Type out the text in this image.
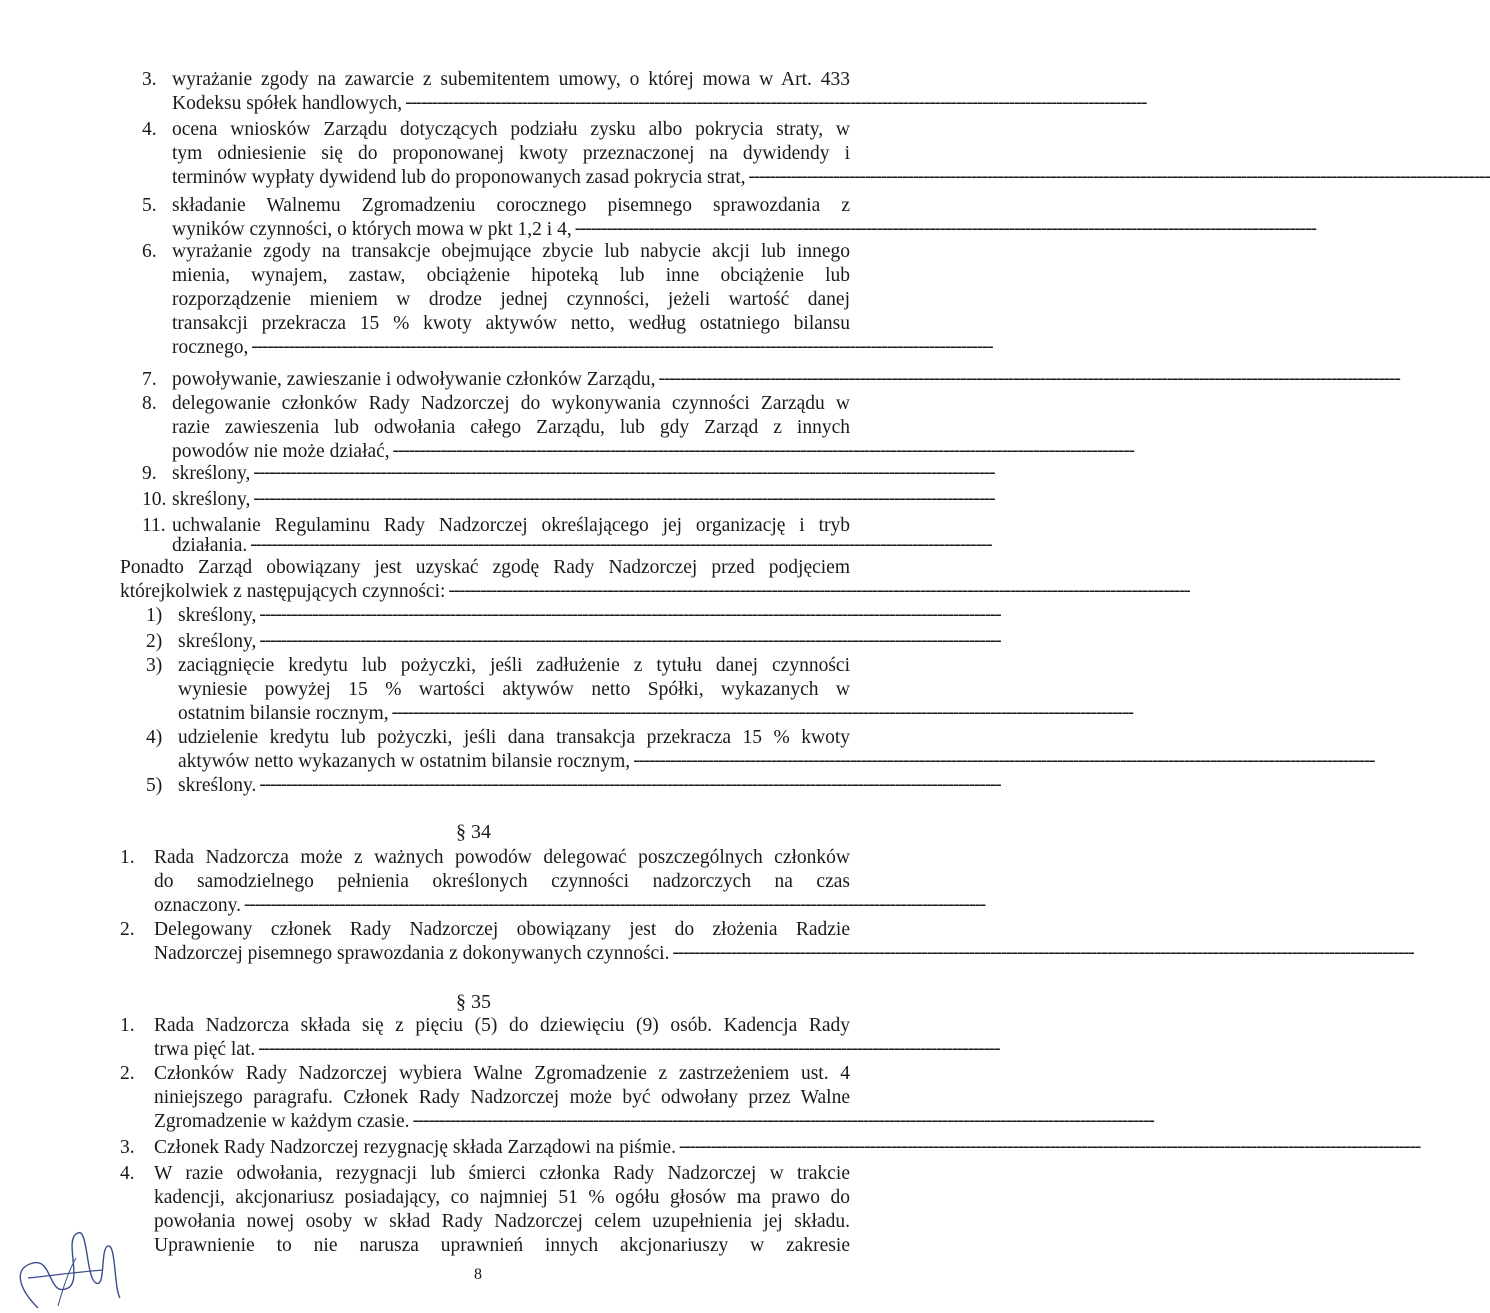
3. wyrażanie zgody na zawarcie z subemitentem umowy, o której mowa w Art. 433
Kodeksu spółek handlowych, --------------------------------------------------------------------------------------------------------------------------------------------
4. ocena wniosków Zarządu dotyczących podziału zysku albo pokrycia straty, w
tym odniesienie się do proponowanej kwoty przeznaczonej na dywidendy i
terminów wypłaty dywidend lub do proponowanych zasad pokrycia strat, --------------------------------------------------------------------------------------------------------------------------------------------
5. składanie Walnemu Zgromadzeniu corocznego pisemnego sprawozdania z
wyników czynności, o których mowa w pkt 1,2 i 4, --------------------------------------------------------------------------------------------------------------------------------------------
6. wyrażanie zgody na transakcje obejmujące zbycie lub nabycie akcji lub innego
mienia, wynajem, zastaw, obciążenie hipoteką lub inne obciążenie lub
rozporządzenie mieniem w drodze jednej czynności, jeżeli wartość danej
transakcji przekracza 15 % kwoty aktywów netto, według ostatniego bilansu
rocznego, --------------------------------------------------------------------------------------------------------------------------------------------
7. powoływanie, zawieszanie i odwoływanie członków Zarządu, --------------------------------------------------------------------------------------------------------------------------------------------
8. delegowanie członków Rady Nadzorczej do wykonywania czynności Zarządu w
razie zawieszenia lub odwołania całego Zarządu, lub gdy Zarząd z innych
powodów nie może działać, --------------------------------------------------------------------------------------------------------------------------------------------
9. skreślony, --------------------------------------------------------------------------------------------------------------------------------------------
10. skreślony, --------------------------------------------------------------------------------------------------------------------------------------------
11. uchwalanie Regulaminu Rady Nadzorczej określającego jej organizację i tryb
działania. --------------------------------------------------------------------------------------------------------------------------------------------
Ponadto Zarząd obowiązany jest uzyskać zgodę Rady Nadzorczej przed podjęciem
którejkolwiek z następujących czynności: --------------------------------------------------------------------------------------------------------------------------------------------
1) skreślony, --------------------------------------------------------------------------------------------------------------------------------------------
2) skreślony, --------------------------------------------------------------------------------------------------------------------------------------------
3) zaciągnięcie kredytu lub pożyczki, jeśli zadłużenie z tytułu danej czynności
wyniesie powyżej 15 % wartości aktywów netto Spółki, wykazanych w
ostatnim bilansie rocznym, --------------------------------------------------------------------------------------------------------------------------------------------
4) udzielenie kredytu lub pożyczki, jeśli dana transakcja przekracza 15 % kwoty
aktywów netto wykazanych w ostatnim bilansie rocznym, --------------------------------------------------------------------------------------------------------------------------------------------
5) skreślony. --------------------------------------------------------------------------------------------------------------------------------------------
§ 34
1. Rada Nadzorcza może z ważnych powodów delegować poszczególnych członków
do samodzielnego pełnienia określonych czynności nadzorczych na czas
oznaczony. --------------------------------------------------------------------------------------------------------------------------------------------
2. Delegowany członek Rady Nadzorczej obowiązany jest do złożenia Radzie
Nadzorczej pisemnego sprawozdania z dokonywanych czynności. --------------------------------------------------------------------------------------------------------------------------------------------
§ 35
1. Rada Nadzorcza składa się z pięciu (5) do dziewięciu (9) osób. Kadencja Rady
trwa pięć lat. --------------------------------------------------------------------------------------------------------------------------------------------
2. Członków Rady Nadzorczej wybiera Walne Zgromadzenie z zastrzeżeniem ust. 4
niniejszego paragrafu. Członek Rady Nadzorczej może być odwołany przez Walne
Zgromadzenie w każdym czasie. --------------------------------------------------------------------------------------------------------------------------------------------
3. Członek Rady Nadzorczej rezygnację składa Zarządowi na piśmie. --------------------------------------------------------------------------------------------------------------------------------------------
4. W razie odwołania, rezygnacji lub śmierci członka Rady Nadzorczej w trakcie
kadencji, akcjonariusz posiadający, co najmniej 51 % ogółu głosów ma prawo do
powołania nowej osoby w skład Rady Nadzorczej celem uzupełnienia jej składu.
Uprawnienie to nie narusza uprawnień innych akcjonariuszy w zakresie
8
